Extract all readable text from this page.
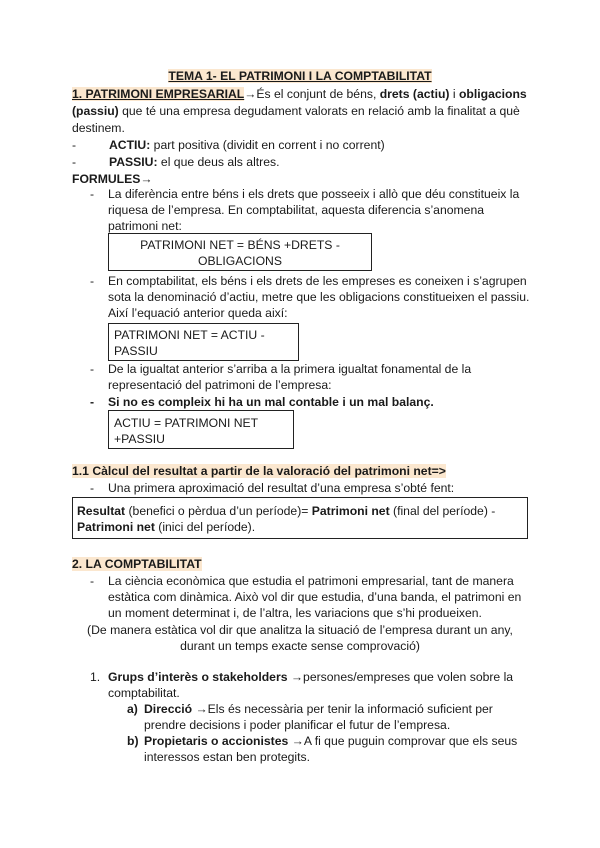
TEMA 1- EL PATRIMONI I LA COMPTABILITAT
1. PATRIMONI EMPRESARIAL→És el conjunt de béns, drets (actiu) i obligacions
(passiu) que té una empresa degudament valorats en relació amb la finalitat a què
destinem.
-	ACTIU: part positiva (dividit en corrent i no corrent)
-	PASSIU: el que deus als altres.
FORMULES→
- La diferència entre béns i els drets que posseeix i allò que déu constitueix la
riquesa de l’empresa. En comptabilitat, aquesta diferencia s’anomena
patrimoni net:
PATRIMONI NET = BÉNS +DRETS -
OBLIGACIONS
- En comptabilitat, els béns i els drets de les empreses es coneixen i s’agrupen
sota la denominació d’actiu, metre que les obligacions constitueixen el passiu.
Així l’equació anterior queda així:
PATRIMONI NET = ACTIU -
PASSIU
- De la igualtat anterior s’arriba a la primera igualtat fonamental de la
representació del patrimoni de l’empresa:
- Si no es compleix hi ha un mal contable i un mal balanç.
ACTIU = PATRIMONI NET
+PASSIU
1.1 Càlcul del resultat a partir de la valoració del patrimoni net=>
- Una primera aproximació del resultat d’una empresa s’obté fent:
Resultat (benefici o pèrdua d’un període)= Patrimoni net (final del període) -
Patrimoni net (inici del període).
2. LA COMPTABILITAT
- La ciència econòmica que estudia el patrimoni empresarial, tant de manera
estàtica com dinàmica. Això vol dir que estudia, d’una banda, el patrimoni en
un moment determinat i, de l’altra, les variacions que s’hi produeixen.
(De manera estàtica vol dir que analitza la situació de l’empresa durant un any,
durant un temps exacte sense comprovació)
1. Grups d’interès o stakeholders →persones/empreses que volen sobre la
comptabilitat.
a) Direcció →Els és necessària per tenir la informació suficient per
prendre decisions i poder planificar el futur de l’empresa.
b) Propietaris o accionistes →A fi que puguin comprovar que els seus
interessos estan ben protegits.
